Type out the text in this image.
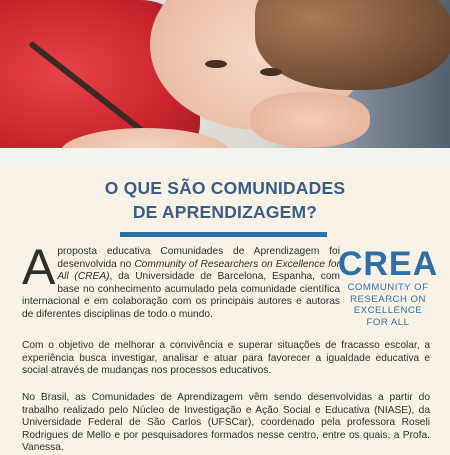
O QUE SÃO COMUNIDADES
DE APRENDIZAGEM?

A proposta educativa Comunidades de Aprendizagem foi desenvolvida no Community of Researchers on Excellence for All (CREA), da Universidade de Barcelona, Espanha, com base no conhecimento acumulado pela comunidade científica internacional e em colaboração com os principais autores e autoras de diferentes disciplinas de todo o mundo.

CREA
COMMUNITY OF
RESEARCH ON
EXCELLENCE
FOR ALL

Com o objetivo de melhorar a convivência e superar situações de fracasso escolar, a experiência busca investigar, analisar e atuar para favorecer a igualdade educativa e social através de mudanças nos processos educativos.

No Brasil, as Comunidades de Aprendizagem vêm sendo desenvolvidas a partir do trabalho realizado pelo Núcleo de Investigação e Ação Social e Educativa (NIASE), da Universidade Federal de São Carlos (UFSCar), coordenado pela professora Roseli Rodrigues de Mello e por pesquisadores formados nesse centro, entre os quais, a Profa. Vanessa.
